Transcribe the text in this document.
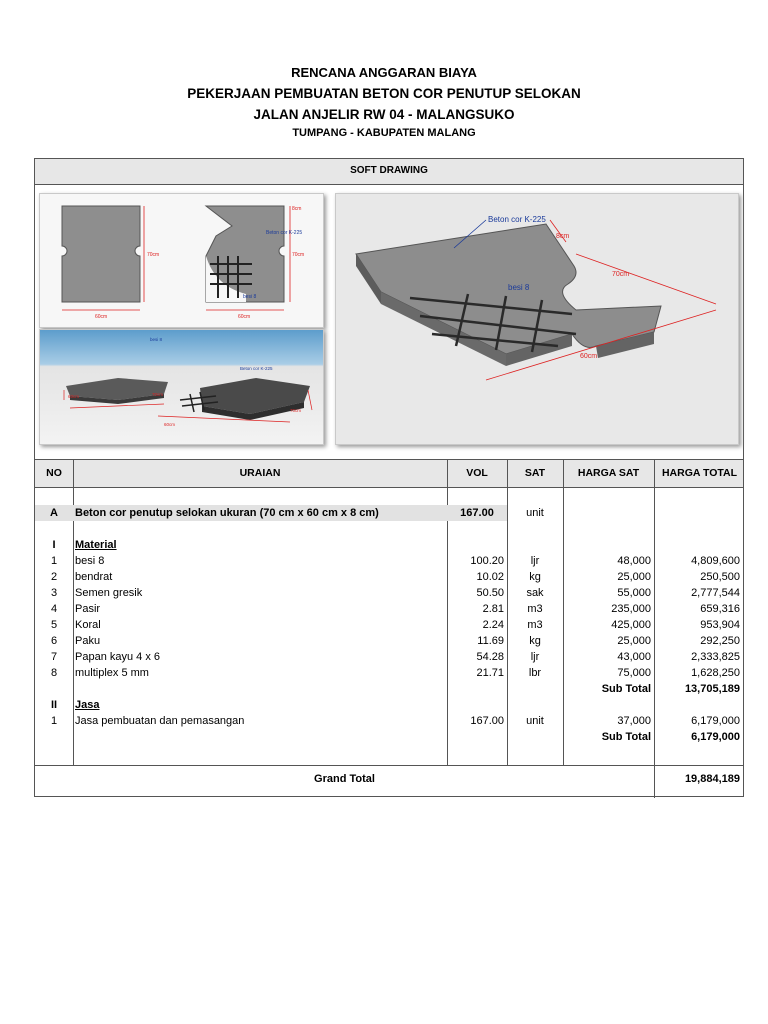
RENCANA ANGGARAN BIAYA
PEKERJAAN PEMBUATAN BETON COR PENUTUP SELOKAN
JALAN ANJELIR RW 04 - MALANGSUKO
TUMPANG - KABUPATEN MALANG
SOFT DRAWING
70cm
60cm
8cm
70cm
60cm
Beton cor K-225
besi 8
besi 8
Beton cor K-225
60cm	70cm
60cm
70cm
Beton cor K-225
besi 8
8cm
70cm
60cm
NO	URAIAN	VOL	SAT	HARGA SAT	HARGA TOTAL
A	Beton cor penutup selokan ukuran (70 cm x 60 cm x 8 cm)	167.00	unit
I	Material
1	besi 8	100.20	ljr	48,000	4,809,600
2	bendrat	10.02	kg	25,000	250,500
3	Semen gresik	50.50	sak	55,000	2,777,544
4	Pasir	2.81	m3	235,000	659,316
5	Koral	2.24	m3	425,000	953,904
6	Paku	11.69	kg	25,000	292,250
7	Papan kayu 4 x 6	54.28	ljr	43,000	2,333,825
8	multiplex 5 mm	21.71	lbr	75,000	1,628,250
Sub Total	13,705,189
II	Jasa
1	Jasa pembuatan dan pemasangan	167.00	unit	37,000	6,179,000
Sub Total	6,179,000
Grand Total	19,884,189
